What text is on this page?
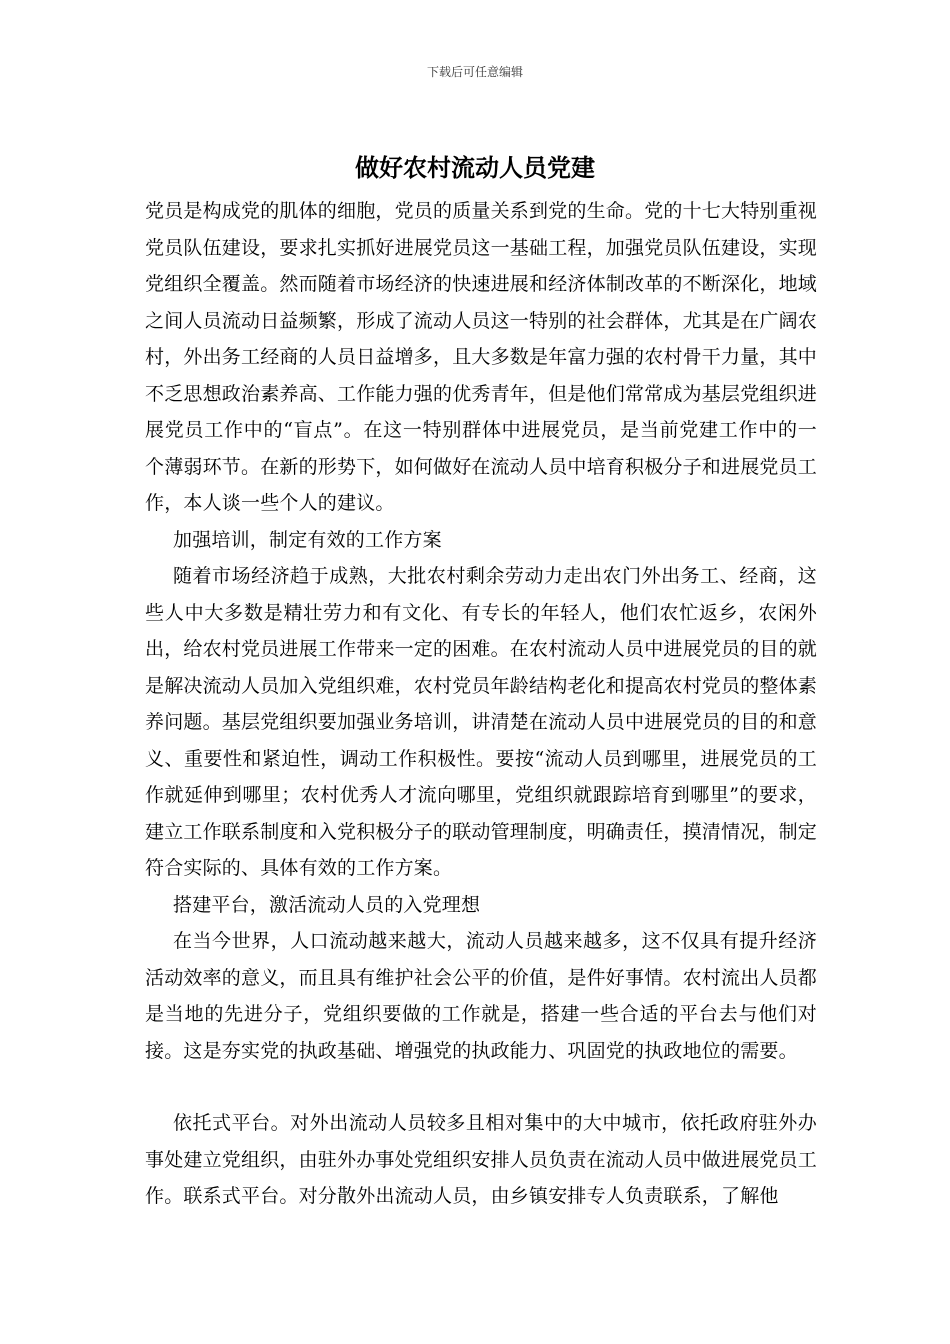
下载后可任意编辑
做好农村流动人员党建

党员是构成党的肌体的细胞，党员的质量关系到党的生命。党的十七大特别重视党员队伍建设，要求扎实抓好进展党员这一基础工程，加强党员队伍建设，实现党组织全覆盖。然而随着市场经济的快速进展和经济体制改革的不断深化，地域之间人员流动日益频繁，形成了流动人员这一特别的社会群体，尤其是在广阔农村，外出务工经商的人员日益增多，且大多数是年富力强的农村骨干力量，其中不乏思想政治素养高、工作能力强的优秀青年，但是他们常常成为基层党组织进展党员工作中的“盲点”。在这一特别群体中进展党员，是当前党建工作中的一个薄弱环节。在新的形势下，如何做好在流动人员中培育积极分子和进展党员工作，本人谈一些个人的建议。

加强培训，制定有效的工作方案

随着市场经济趋于成熟，大批农村剩余劳动力走出农门外出务工、经商，这些人中大多数是精壮劳力和有文化、有专长的年轻人，他们农忙返乡，农闲外出，给农村党员进展工作带来一定的困难。在农村流动人员中进展党员的目的就是解决流动人员加入党组织难，农村党员年龄结构老化和提高农村党员的整体素养问题。基层党组织要加强业务培训，讲清楚在流动人员中进展党员的目的和意义、重要性和紧迫性，调动工作积极性。要按“流动人员到哪里，进展党员的工作就延伸到哪里；农村优秀人才流向哪里，党组织就跟踪培育到哪里”的要求，建立工作联系制度和入党积极分子的联动管理制度，明确责任，摸清情况，制定符合实际的、具体有效的工作方案。

搭建平台，激活流动人员的入党理想

在当今世界，人口流动越来越大，流动人员越来越多，这不仅具有提升经济活动效率的意义，而且具有维护社会公平的价值，是件好事情。农村流出人员都是当地的先进分子，党组织要做的工作就是，搭建一些合适的平台去与他们对接。这是夯实党的执政基础、增强党的执政能力、巩固党的执政地位的需要。

依托式平台。对外出流动人员较多且相对集中的大中城市，依托政府驻外办事处建立党组织，由驻外办事处党组织安排人员负责在流动人员中做进展党员工作。联系式平台。对分散外出流动人员，由乡镇安排专人负责联系，了解他
